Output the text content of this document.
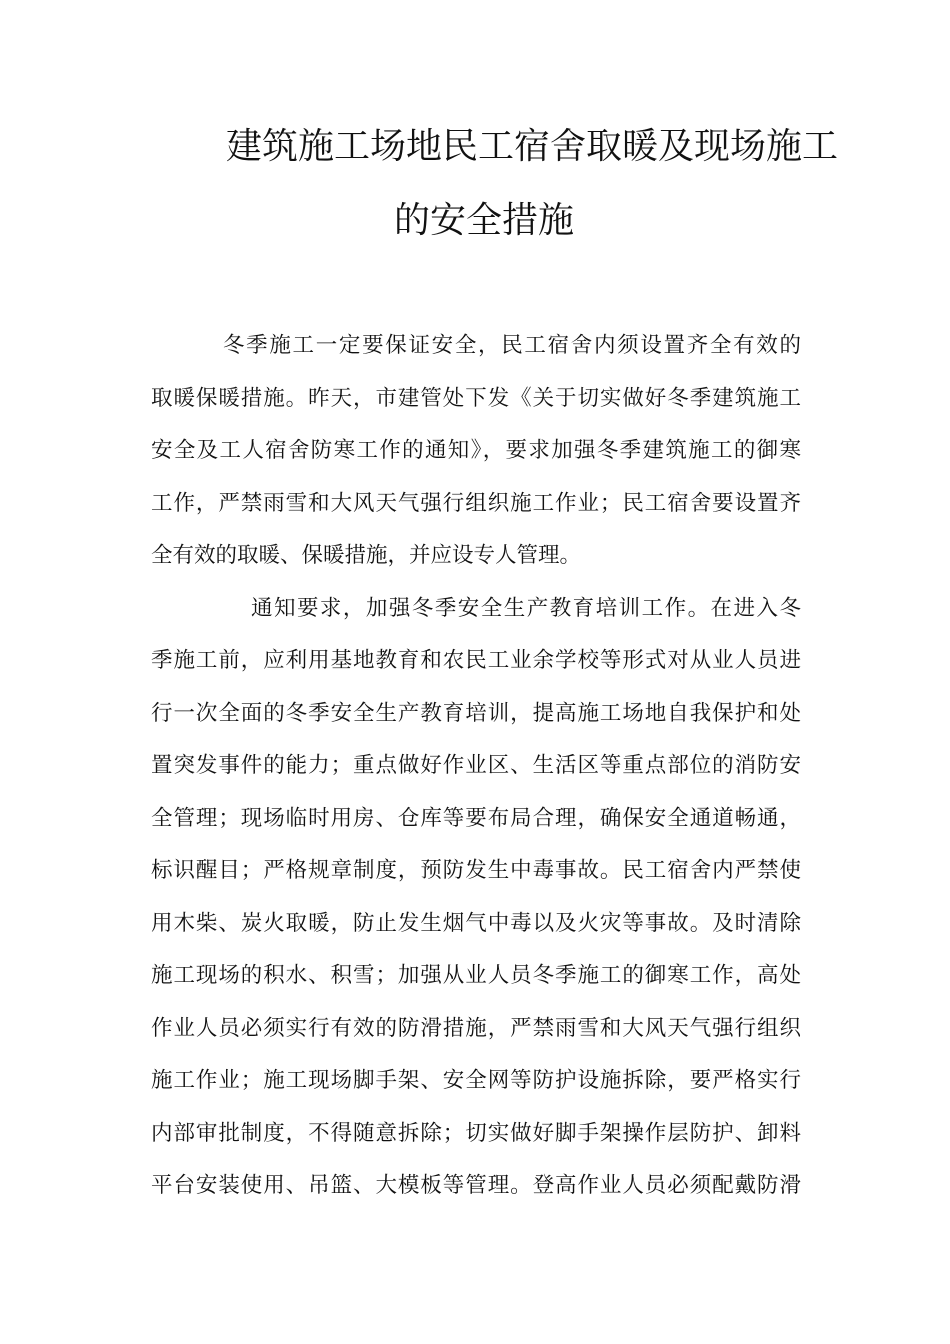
建筑施工场地民工宿舍取暖及现场施工
的安全措施
冬季施工一定要保证安全，民工宿舍内须设置齐全有效的
取暖保暖措施。昨天，市建管处下发《关于切实做好冬季建筑施工
安全及工人宿舍防寒工作的通知》，要求加强冬季建筑施工的御寒
工作，严禁雨雪和大风天气强行组织施工作业；民工宿舍要设置齐
全有效的取暖、保暖措施，并应设专人管理。
通知要求，加强冬季安全生产教育培训工作。在进入冬
季施工前，应利用基地教育和农民工业余学校等形式对从业人员进
行一次全面的冬季安全生产教育培训，提高施工场地自我保护和处
置突发事件的能力；重点做好作业区、生活区等重点部位的消防安
全管理；现场临时用房、仓库等要布局合理，确保安全通道畅通，
标识醒目；严格规章制度，预防发生中毒事故。民工宿舍内严禁使
用木柴、炭火取暖，防止发生烟气中毒以及火灾等事故。及时清除
施工现场的积水、积雪；加强从业人员冬季施工的御寒工作，高处
作业人员必须实行有效的防滑措施，严禁雨雪和大风天气强行组织
施工作业；施工现场脚手架、安全网等防护设施拆除，要严格实行
内部审批制度，不得随意拆除；切实做好脚手架操作层防护、卸料
平台安装使用、吊篮、大模板等管理。登高作业人员必须配戴防滑
